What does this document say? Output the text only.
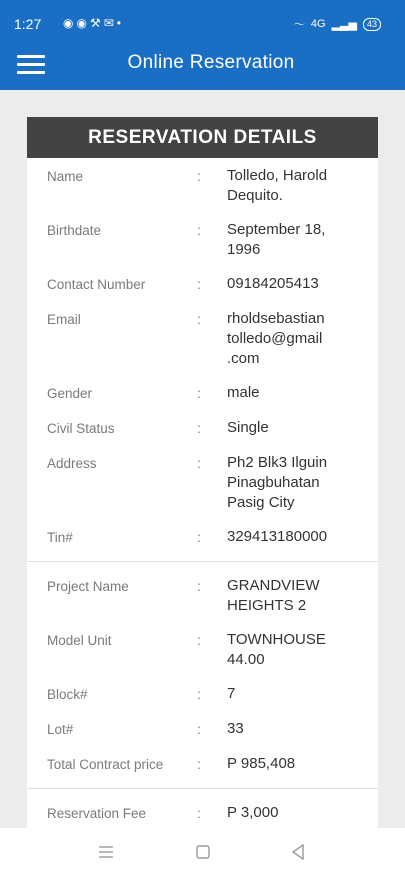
1:27 ◉◉⚒✉•	〜 4G ▂▃▅	43
Online Reservation
RESERVATION DETAILS
Name	:	Tolledo, Harold Dequito.
Birthdate	:	September 18, 1996
Contact Number	:	09184205413
Email	:	rholdsebastian tolledo@gmail .com
Gender	:	male
Civil Status	:	Single
Address	:	Ph2 Blk3 Ilguin Pinagbuhatan Pasig City
Tin#	:	329413180000
Project Name	:	GRANDVIEW HEIGHTS 2
Model Unit	:	TOWNHOUSE 44.00
Block#	:	7
Lot#	:	33
Total Contract price	:	P 985,408
Reservation Fee	:	P 3,000
